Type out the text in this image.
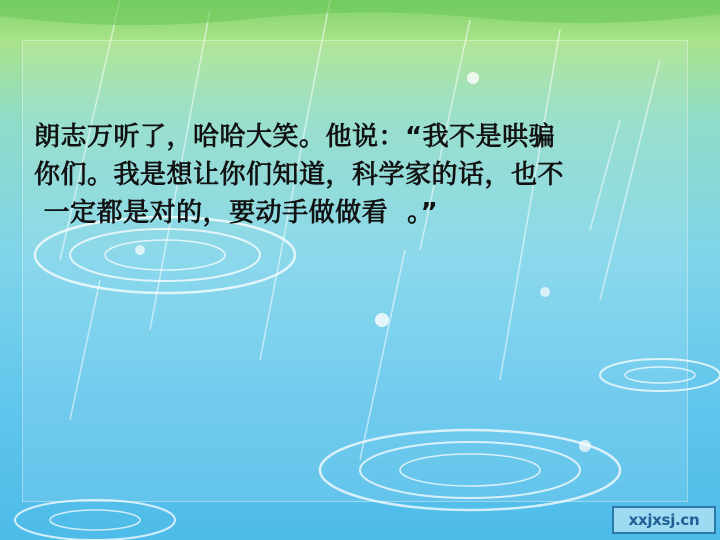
朗志万听了，哈哈大笑。他说：“我不是哄骗
你们。我是想让你们知道，科学家的话，也不
一定都是对的，要动手做做看  。”

xxjxsj.cn
